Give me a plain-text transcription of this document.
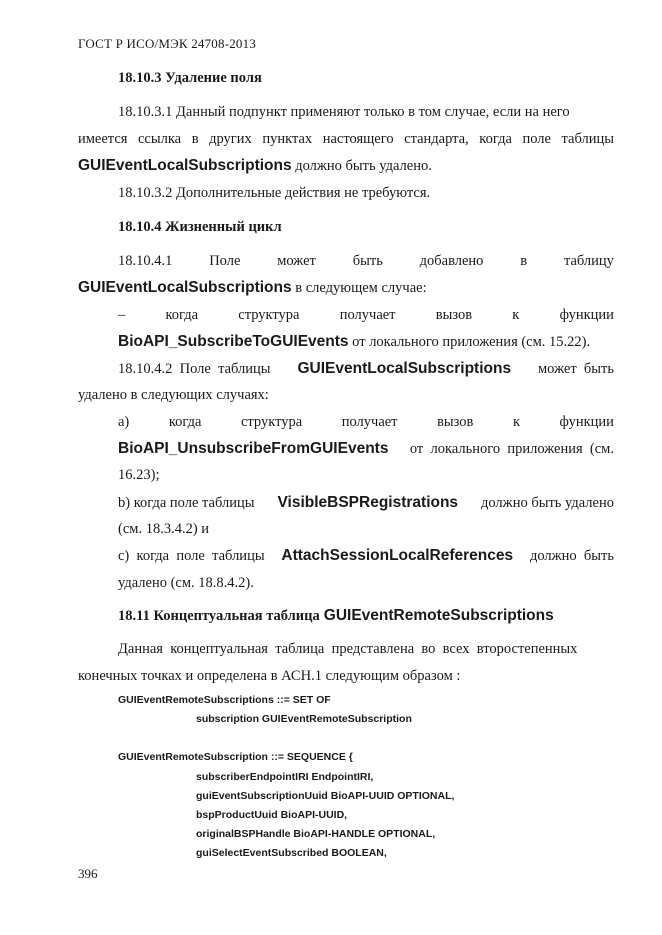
ГОСТ Р ИСО/МЭК 24708-2013
18.10.3 Удаление поля
18.10.3.1 Данный подпункт применяют только в том случае, если на него
имеется ссылка в других пунктах настоящего стандарта, когда поле таблицы
GUIEventLocalSubscriptions должно быть удалено.
18.10.3.2 Дополнительные действия не требуются.
18.10.4 Жизненный цикл
18.10.4.1	Поле	может	быть	добавлено	в	таблицу
GUIEventLocalSubscriptions в следующем случае:
–	когда	структура	получает	вызов	к	функции
BioAPI_SubscribeToGUIEvents от локального приложения (см. 15.22).
18.10.4.2  Поле  таблицы GUIEventLocalSubscriptions может  быть
удалено в следующих случаях:
а)	когда	структура	получает	вызов	к	функции
BioAPI_UnsubscribeFromGUIEvents от  локального  приложения  (см.
16.23);
b) когда поле таблицы VisibleBSPRegistrations должно быть удалено
(см. 18.3.4.2) и
с)  когда  поле  таблицы AttachSessionLocalReferences должно  быть
удалено (см. 18.8.4.2).
18.11 Концептуальная таблица GUIEventRemoteSubscriptions
Данная  концептуальная  таблица  представлена  во  всех  второстепенных
конечных точках и определена в АСН.1 следующим образом :
GUIEventRemoteSubscriptions ::= SET OF
subscription GUIEventRemoteSubscription
GUIEventRemoteSubscription ::= SEQUENCE {
subscriberEndpointIRI EndpointIRI,
guiEventSubscriptionUuid BioAPI-UUID OPTIONAL,
bspProductUuid BioAPI-UUID,
originalBSPHandle BioAPI-HANDLE OPTIONAL,
guiSelectEventSubscribed BOOLEAN,
396
